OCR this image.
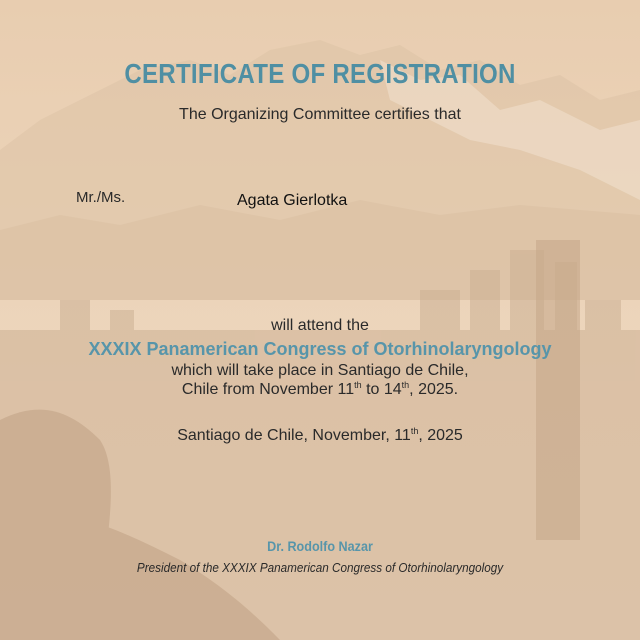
CERTIFICATE OF REGISTRATION
The Organizing Committee certifies that
Mr./Ms.	Agata Gierlotka
will attend the
XXXIX Panamerican Congress of Otorhinolaryngology
which will take place in Santiago de Chile,
Chile from November 11th to 14th, 2025.
Santiago de Chile, November, 11th, 2025
Dr. Rodolfo Nazar
President of the XXXIX Panamerican Congress of Otorhinolaryngology
